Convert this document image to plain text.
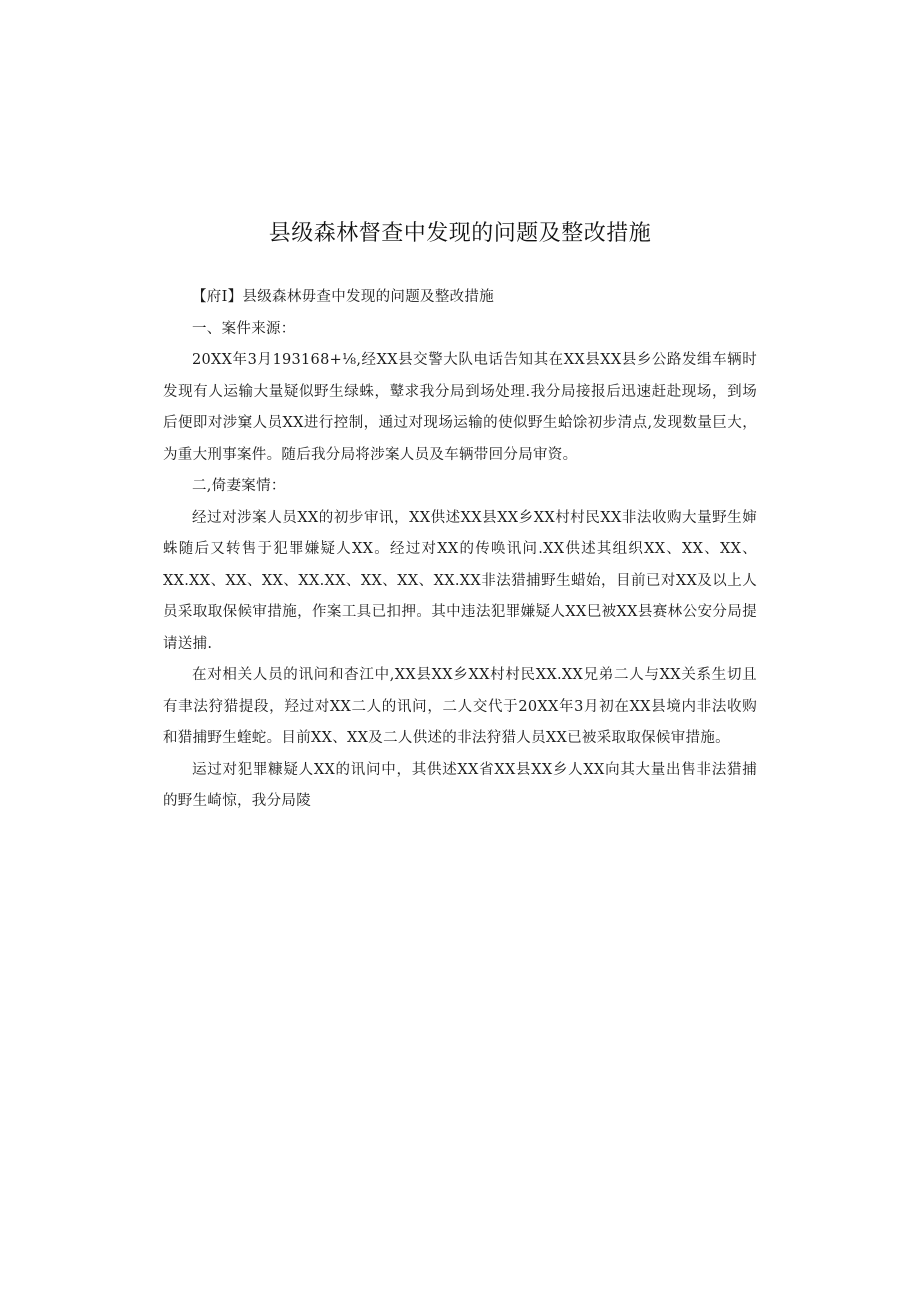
县级森林督查中发现的问题及整改措施

【府I】县级森林毋查中发现的问题及整改措施

一、案件来源：

20XX年3月193168+⅛,经XX县交警大队电话告知其在XX县XX县乡公路发缉车辆时发现有人运输大量疑似野生绿蛛，鼙求我分局到场处理.我分局接报后迅速赶赴现场，到场后便即对涉窠人员XX进行控制，通过对现场运输的使似野生蛤馀初步清点,发现数量巨大，为重大刑事案件。随后我分局将涉案人员及车辆带回分局审资。

二,倚妻案情：

经过对涉案人员XX的初步审讯，XX供述XX县XX乡XX村村民XX非法收购大量野生婶蛛随后又转售于犯罪嫌疑人XX。经过对XX的传唤讯问.XX供述其组织XX、XX、XX、XX.XX、XX、XX、XX.XX、XX、XX、XX.XX非法猎捕野生蜡始，目前已对XX及以上人员采取取保候审措施，作案工具已扣押。其中违法犯罪嫌疑人XX巳被XX县赛林公安分局提请送捕.

在对相关人员的讯问和杳江中,XX县XX乡XX村村民XX.XX兄弟二人与XX关系生切且有聿法狩猎提段，羟过对XX二人的讯问，二人交代于20XX年3月初在XX县境内非法收购和猎捕野生蝰蛇。目前XX、XX及二人供述的非法狩猎人员XX已被采取取保候审措施。

运过对犯罪糠疑人XX的讯问中，其供述XX省XX县XX乡人XX向其大量出售非法猎捕的野生崎惊，我分局陵
